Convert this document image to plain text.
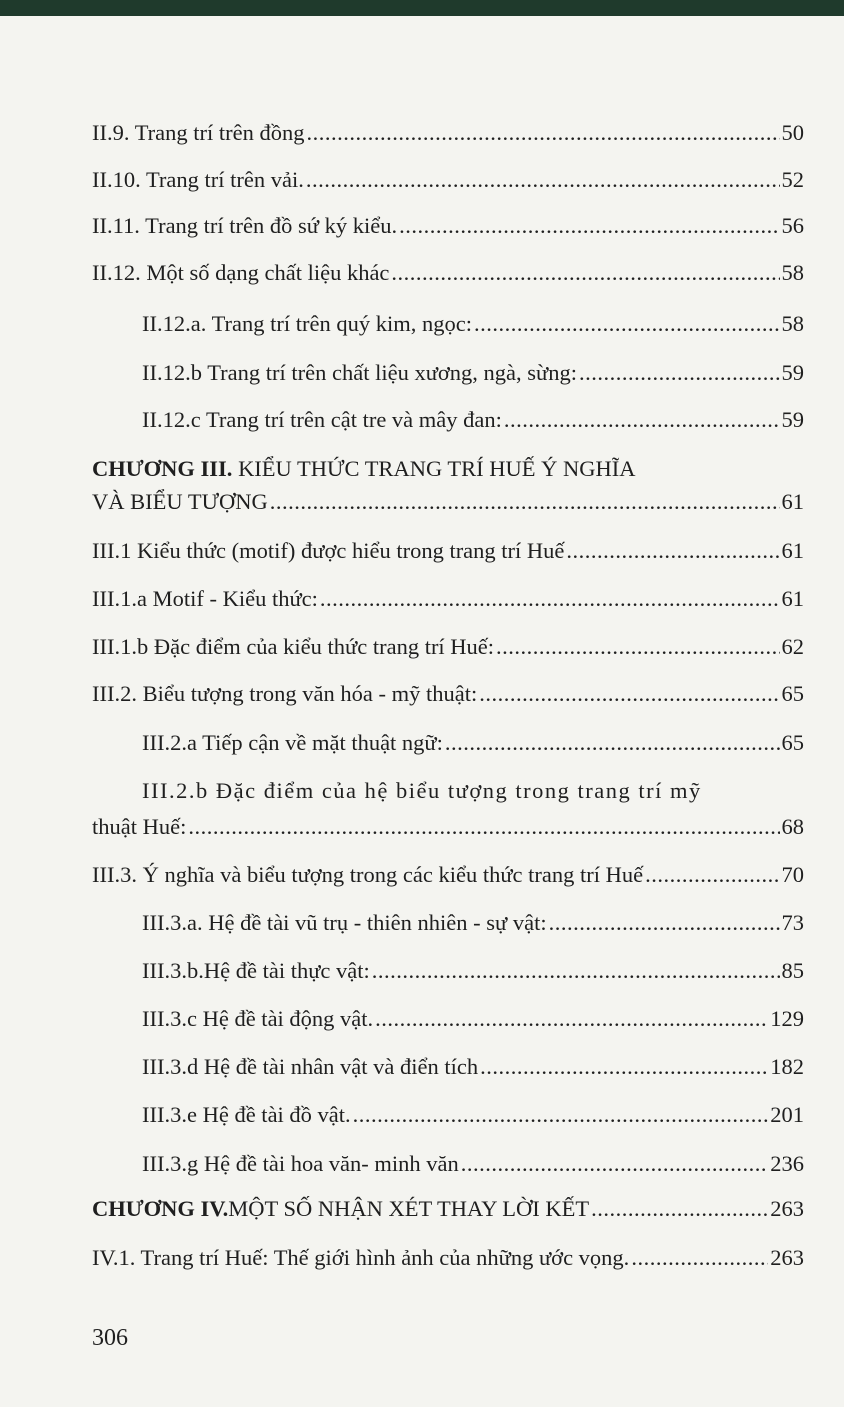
II.9. Trang trí trên đồng .....	50
II.10. Trang trí trên vải. .....	52
II.11. Trang trí trên đồ sứ ký kiểu. .....	56
II.12. Một số dạng chất liệu khác .....	58
II.12.a. Trang trí trên quý kim, ngọc: .....	58
II.12.b Trang trí trên chất liệu xương, ngà, sừng: .....	59
II.12.c Trang trí trên cật tre và mây đan: .....	59
CHƯƠNG III. KIỂU THỨC TRANG TRÍ HUẾ Ý NGHĨA
VÀ BIỂU TƯỢNG .....	61
III.1 Kiểu thức (motif) được hiểu trong trang trí Huế .....	61
III.1.a Motif - Kiểu thức: .....	61
III.1.b Đặc điểm của kiểu thức trang trí Huế: .....	62
III.2. Biểu tượng trong văn hóa - mỹ thuật: .....	65
III.2.a Tiếp cận về mặt thuật ngữ: .....	65
III.2.b Đặc điểm của hệ biểu tượng trong trang trí mỹ
thuật Huế: .....	68
III.3. Ý nghĩa và biểu tượng trong các kiểu thức trang trí Huế .....	70
III.3.a. Hệ đề tài vũ trụ - thiên nhiên - sự vật: .....	73
III.3.b.Hệ đề tài thực vật: .....	85
III.3.c Hệ đề tài động vật. .....	129
III.3.d Hệ đề tài nhân vật và điển tích .....	182
III.3.e Hệ đề tài đồ vật. .....	201
III.3.g Hệ đề tài hoa văn- minh văn .....	236
CHƯƠNG IV. MỘT SỐ NHẬN XÉT THAY LỜI KẾT .....	263
IV.1. Trang trí Huế: Thế giới hình ảnh của những ước vọng. .....	263
306
